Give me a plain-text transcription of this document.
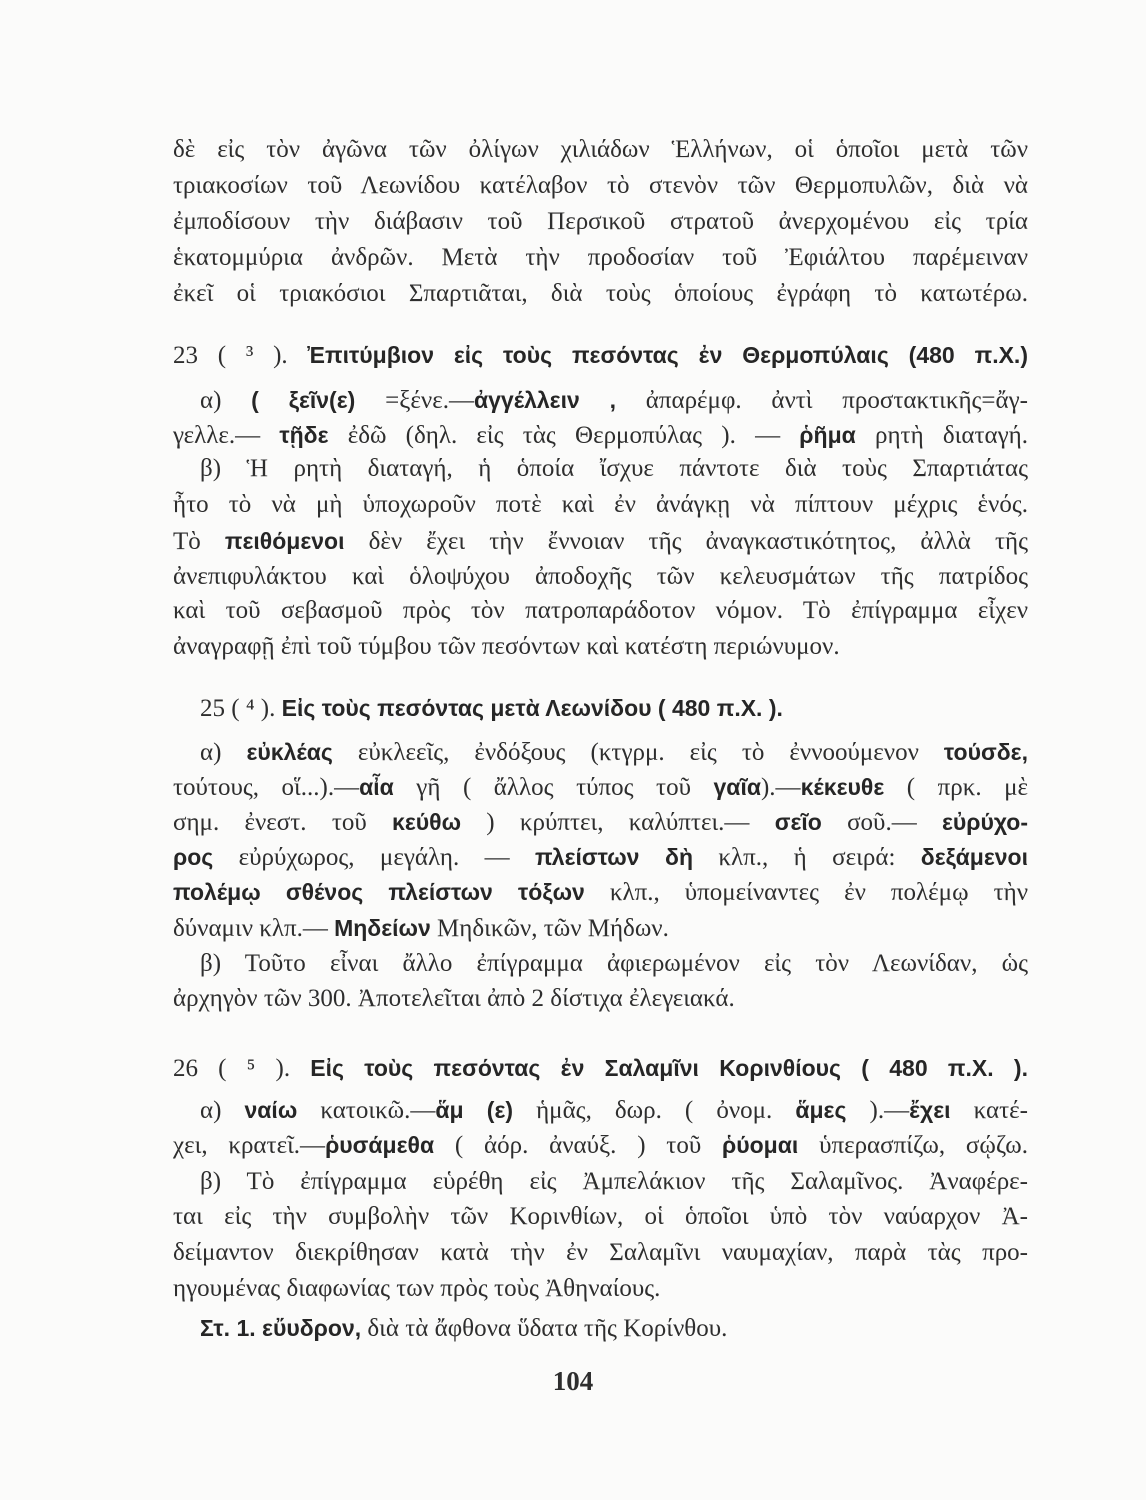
104
δὲ εἰς τὸν ἀγῶνα τῶν ὀλίγων χιλιάδων Ἑλλήνων, οἱ ὁποῖοι μετὰ τῶν
τριακοσίων τοῦ Λεωνίδου κατέλαβον τὸ στενὸν τῶν Θερμοπυλῶν, διὰ νὰ
ἐμποδίσουν τὴν διάβασιν τοῦ Περσικοῦ στρατοῦ ἀνερχομένου εἰς τρία
ἑκατομμύρια ἀνδρῶν. Μετὰ τὴν προδοσίαν τοῦ Ἐφιάλτου παρέμειναν
ἐκεῖ οἱ τριακόσιοι Σπαρτιᾶται, διὰ τοὺς ὁποίους ἐγράφη τὸ κατωτέρω.
23 ( ³ ). Ἐπιτύμβιον εἰς τοὺς πεσόντας ἐν Θερμοπύλαις (480 π.Χ.)
α) ( ξεῖν(ε) =ξένε.—ἀγγέλλειν , ἀπαρέμφ. ἀντὶ προστακτικῆς=ἄγ-
γελλε.— τῇδε ἐδῶ (δηλ. εἰς τὰς Θερμοπύλας ). — ῥῆμα ρητὴ διαταγή.
β) Ἡ ρητὴ διαταγή, ἡ ὁποία ἴσχυε πάντοτε διὰ τοὺς Σπαρτιάτας
ἦτο τὸ νὰ μὴ ὑποχωροῦν ποτὲ καὶ ἐν ἀνάγκῃ νὰ πίπτουν μέχρις ἑνός.
Τὸ πειθόμενοι δὲν ἔχει τὴν ἔννοιαν τῆς ἀναγκαστικότητος, ἀλλὰ τῆς
ἀνεπιφυλάκτου καὶ ὁλοψύχου ἀποδοχῆς τῶν κελευσμάτων τῆς πατρίδος
καὶ τοῦ σεβασμοῦ πρὸς τὸν πατροπαράδοτον νόμον. Τὸ ἐπίγραμμα εἶχεν
ἀναγραφῇ ἐπὶ τοῦ τύμβου τῶν πεσόντων καὶ κατέστη περιώνυμον.
25 ( ⁴ ). Εἰς τοὺς πεσόντας μετὰ Λεωνίδου ( 480 π.Χ. ).
α) εὐκλέας εὐκλεεῖς, ἐνδόξους (κτγρμ. εἰς τὸ ἐννοούμενον τούσδε,
τούτους, οἵ...).—αἶα γῆ ( ἄλλος τύπος τοῦ γαῖα).—κέκευθε ( πρκ. μὲ
σημ. ἐνεστ. τοῦ κεύθω ) κρύπτει, καλύπτει.— σεῖο σοῦ.— εὐρύχο-
ρος εὐρύχωρος, μεγάλη. — πλείστων δὴ κλπ., ἡ σειρά: δεξάμενοι
πολέμῳ σθένος πλείστων τόξων κλπ., ὑπομείναντες ἐν πολέμῳ τὴν
δύναμιν κλπ.— Μηδείων Μηδικῶν, τῶν Μήδων.
β) Τοῦτο εἶναι ἄλλο ἐπίγραμμα ἀφιερωμένον εἰς τὸν Λεωνίδαν, ὡς
ἀρχηγὸν τῶν 300. Ἀποτελεῖται ἀπὸ 2 δίστιχα ἐλεγειακά.
26 ( ⁵ ). Εἰς τοὺς πεσόντας ἐν Σαλαμῖνι Κορινθίους ( 480 π.Χ. ).
α) ναίω κατοικῶ.—ἅμ (ε) ἡμᾶς, δωρ. ( ὀνομ. ἅμες ).—ἔχει κατέ-
χει, κρατεῖ.—ῥυσάμεθα ( ἀόρ. ἀναύξ. ) τοῦ ῥύομαι ὑπερασπίζω, σῴζω.
β) Τὸ ἐπίγραμμα εὑρέθη εἰς Ἀμπελάκιον τῆς Σαλαμῖνος. Ἀναφέρε-
ται εἰς τὴν συμβολὴν τῶν Κορινθίων, οἱ ὁποῖοι ὑπὸ τὸν ναύαρχον Ἀ-
δείμαντον διεκρίθησαν κατὰ τὴν ἐν Σαλαμῖνι ναυμαχίαν, παρὰ τὰς προ-
ηγουμένας διαφωνίας των πρὸς τοὺς Ἀθηναίους.
Στ. 1. εὔυδρον, διὰ τὰ ἄφθονα ὕδατα τῆς Κορίνθου.
